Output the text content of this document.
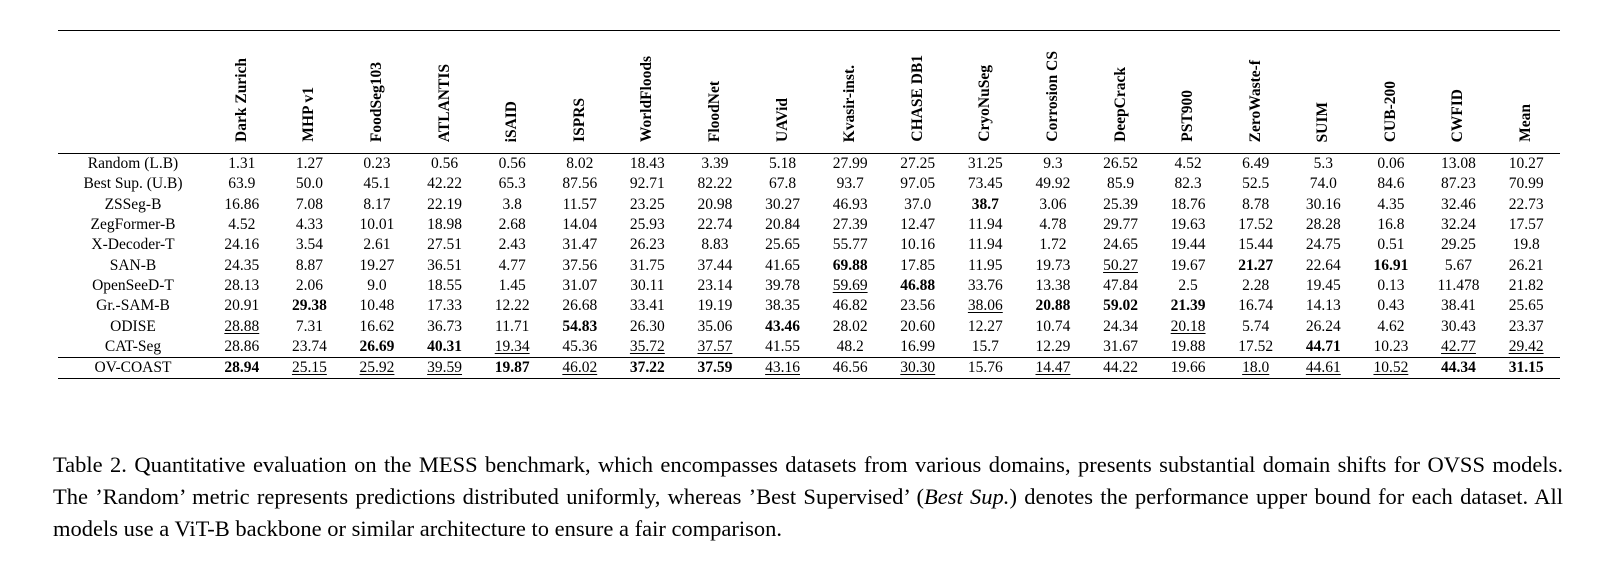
	Dark Zurich	MHP v1	FoodSeg103	ATLANTIS	iSAID	ISPRS	WorldFloods	FloodNet	UAVid	Kvasir-inst.	CHASE DB1	CryoNuSeg	Corrosion CS	DeepCrack	PST900	ZeroWaste-f	SUIM	CUB-200	CWFID	Mean
Random (L.B)	1.31	1.27	0.23	0.56	0.56	8.02	18.43	3.39	5.18	27.99	27.25	31.25	9.3	26.52	4.52	6.49	5.3	0.06	13.08	10.27
Best Sup. (U.B)	63.9	50.0	45.1	42.22	65.3	87.56	92.71	82.22	67.8	93.7	97.05	73.45	49.92	85.9	82.3	52.5	74.0	84.6	87.23	70.99
ZSSeg-B	16.86	7.08	8.17	22.19	3.8	11.57	23.25	20.98	30.27	46.93	37.0	38.7	3.06	25.39	18.76	8.78	30.16	4.35	32.46	22.73
ZegFormer-B	4.52	4.33	10.01	18.98	2.68	14.04	25.93	22.74	20.84	27.39	12.47	11.94	4.78	29.77	19.63	17.52	28.28	16.8	32.24	17.57
X-Decoder-T	24.16	3.54	2.61	27.51	2.43	31.47	26.23	8.83	25.65	55.77	10.16	11.94	1.72	24.65	19.44	15.44	24.75	0.51	29.25	19.8
SAN-B	24.35	8.87	19.27	36.51	4.77	37.56	31.75	37.44	41.65	69.88	17.85	11.95	19.73	50.27	19.67	21.27	22.64	16.91	5.67	26.21
OpenSeeD-T	28.13	2.06	9.0	18.55	1.45	31.07	30.11	23.14	39.78	59.69	46.88	33.76	13.38	47.84	2.5	2.28	19.45	0.13	11.478	21.82
Gr.-SAM-B	20.91	29.38	10.48	17.33	12.22	26.68	33.41	19.19	38.35	46.82	23.56	38.06	20.88	59.02	21.39	16.74	14.13	0.43	38.41	25.65
ODISE	28.88	7.31	16.62	36.73	11.71	54.83	26.30	35.06	43.46	28.02	20.60	12.27	10.74	24.34	20.18	5.74	26.24	4.62	30.43	23.37
CAT-Seg	28.86	23.74	26.69	40.31	19.34	45.36	35.72	37.57	41.55	48.2	16.99	15.7	12.29	31.67	19.88	17.52	44.71	10.23	42.77	29.42
OV-COAST	28.94	25.15	25.92	39.59	19.87	46.02	37.22	37.59	43.16	46.56	30.30	15.76	14.47	44.22	19.66	18.0	44.61	10.52	44.34	31.15

Table 2. Quantitative evaluation on the MESS benchmark, which encompasses datasets from various domains, presents substantial domain shifts for OVSS models. The ’Random’ metric represents predictions distributed uniformly, whereas ’Best Supervised’ (Best Sup.) denotes the performance upper bound for each dataset. All models use a ViT-B backbone or similar architecture to ensure a fair comparison.
